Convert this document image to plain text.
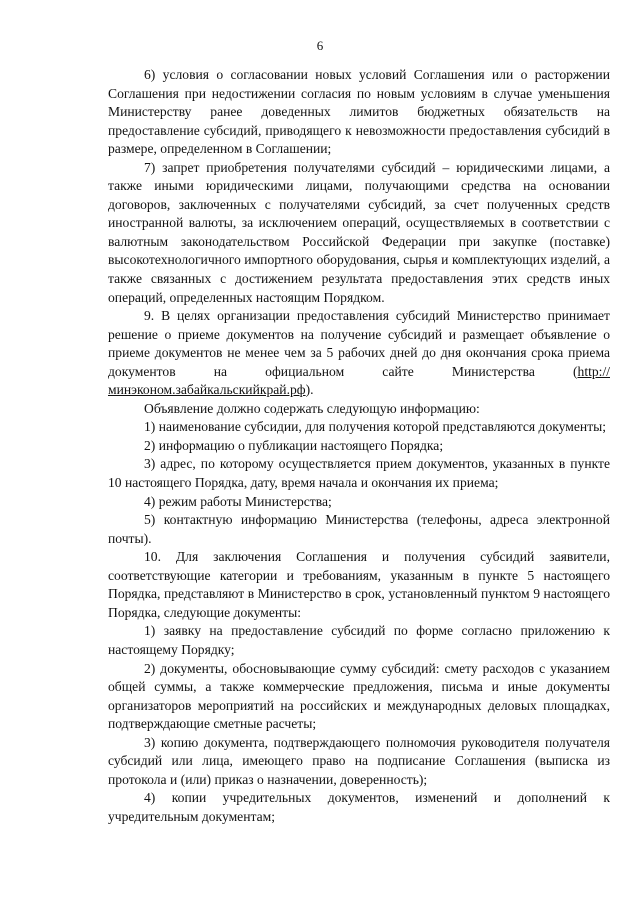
6

6) условия о согласовании новых условий Соглашения или о расторжении Соглашения при недостижении согласия по новым условиям в случае уменьшения Министерству ранее доведенных лимитов бюджетных обязательств на предоставление субсидий, приводящего к невозможности предоставления субсидий в размере, определенном в Соглашении;

7) запрет приобретения получателями субсидий – юридическими лицами, а также иными юридическими лицами, получающими средства на основании договоров, заключенных с получателями субсидий, за счет полученных средств иностранной валюты, за исключением операций, осуществляемых в соответствии с валютным законодательством Российской Федерации при закупке (поставке) высокотехнологичного импортного оборудования, сырья и комплектующих изделий, а также связанных с достижением результата предоставления этих средств иных операций, определенных настоящим Порядком.

9. В целях организации предоставления субсидий Министерство принимает решение о приеме документов на получение субсидий и размещает объявление о приеме документов не менее чем за 5 рабочих дней до дня окончания срока приема документов на официальном сайте Министерства (http://минэконом.забайкальскийкрай.рф).

Объявление должно содержать следующую информацию:

1) наименование субсидии, для получения которой представляются документы;

2) информацию о публикации настоящего Порядка;

3) адрес, по которому осуществляется прием документов, указанных в пункте 10 настоящего Порядка, дату, время начала и окончания их приема;

4) режим работы Министерства;

5) контактную информацию Министерства (телефоны, адреса электронной почты).

10. Для заключения Соглашения и получения субсидий заявители, соответствующие категории и требованиям, указанным в пункте 5 настоящего Порядка, представляют в Министерство в срок, установленный пунктом 9 настоящего Порядка, следующие документы:

1) заявку на предоставление субсидий по форме согласно приложению к настоящему Порядку;

2) документы, обосновывающие сумму субсидий: смету расходов с указанием общей суммы, а также коммерческие предложения, письма и иные документы организаторов мероприятий на российских и международных деловых площадках, подтверждающие сметные расчеты;

3) копию документа, подтверждающего полномочия руководителя получателя субсидий или лица, имеющего право на подписание Соглашения (выписка из протокола и (или) приказ о назначении, доверенность);

4) копии учредительных документов, изменений и дополнений к учредительным документам;
